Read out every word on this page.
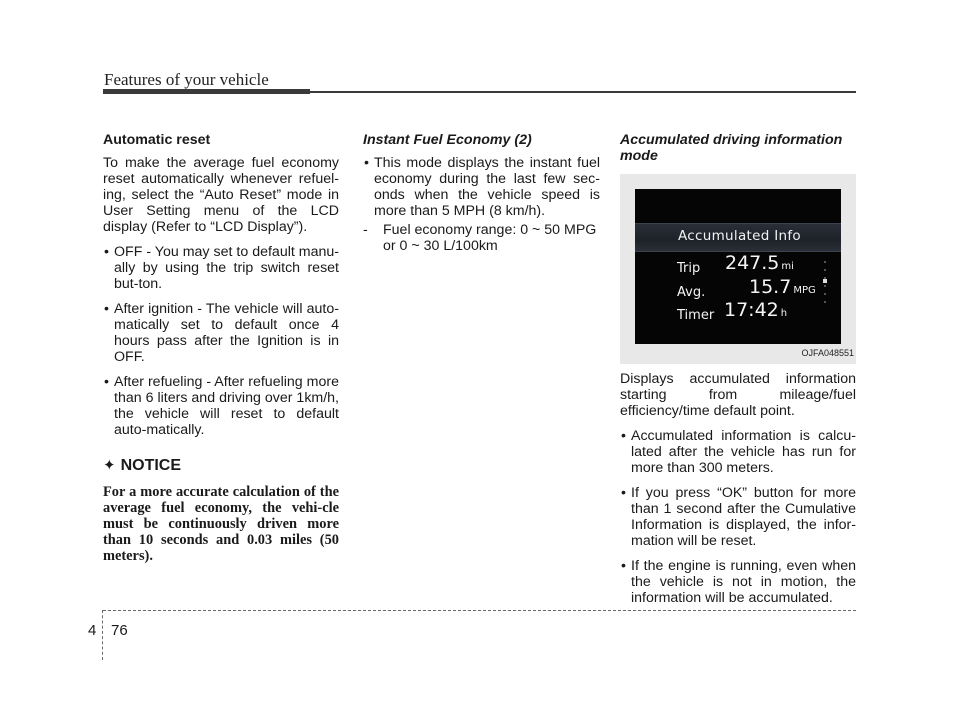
Features of your vehicle
Automatic reset

To make the average fuel economy reset automatically whenever refuel-ing, select the “Auto Reset” mode in User Setting menu of the LCD display (Refer to “LCD Display”).

• OFF - You may set to default manu-ally by using the trip switch reset but-ton.
• After ignition - The vehicle will auto-matically set to default once 4 hours pass after the Ignition is in OFF.
• After refueling - After refueling more than 6 liters and driving over 1km/h, the vehicle will reset to default auto-matically.
✦ NOTICE

For a more accurate calculation of the average fuel economy, the vehi-cle must be continuously driven more than 10 seconds and 0.03 miles (50 meters).

Instant Fuel Economy (2)
• This mode displays the instant fuel economy during the last few sec-onds when the vehicle speed is more than 5 MPH (8 km/h).
-	Fuel economy range: 0 ~ 50 MPG or 0 ~ 30 L/100km
Accumulated driving information mode
Accumulated Info
Trip 247.5 mi
Avg. 15.7 MPG
Timer 17:42 h
OJFA048551

Displays accumulated information starting from mileage/fuel efficiency/time default point.

• Accumulated information is calcu-lated after the vehicle has run for more than 300 meters.
• If you press “OK” button for more than 1 second after the Cumulative Information is displayed, the infor-mation will be reset.
• If the engine is running, even when the vehicle is not in motion, the information will be accumulated.
4 76
